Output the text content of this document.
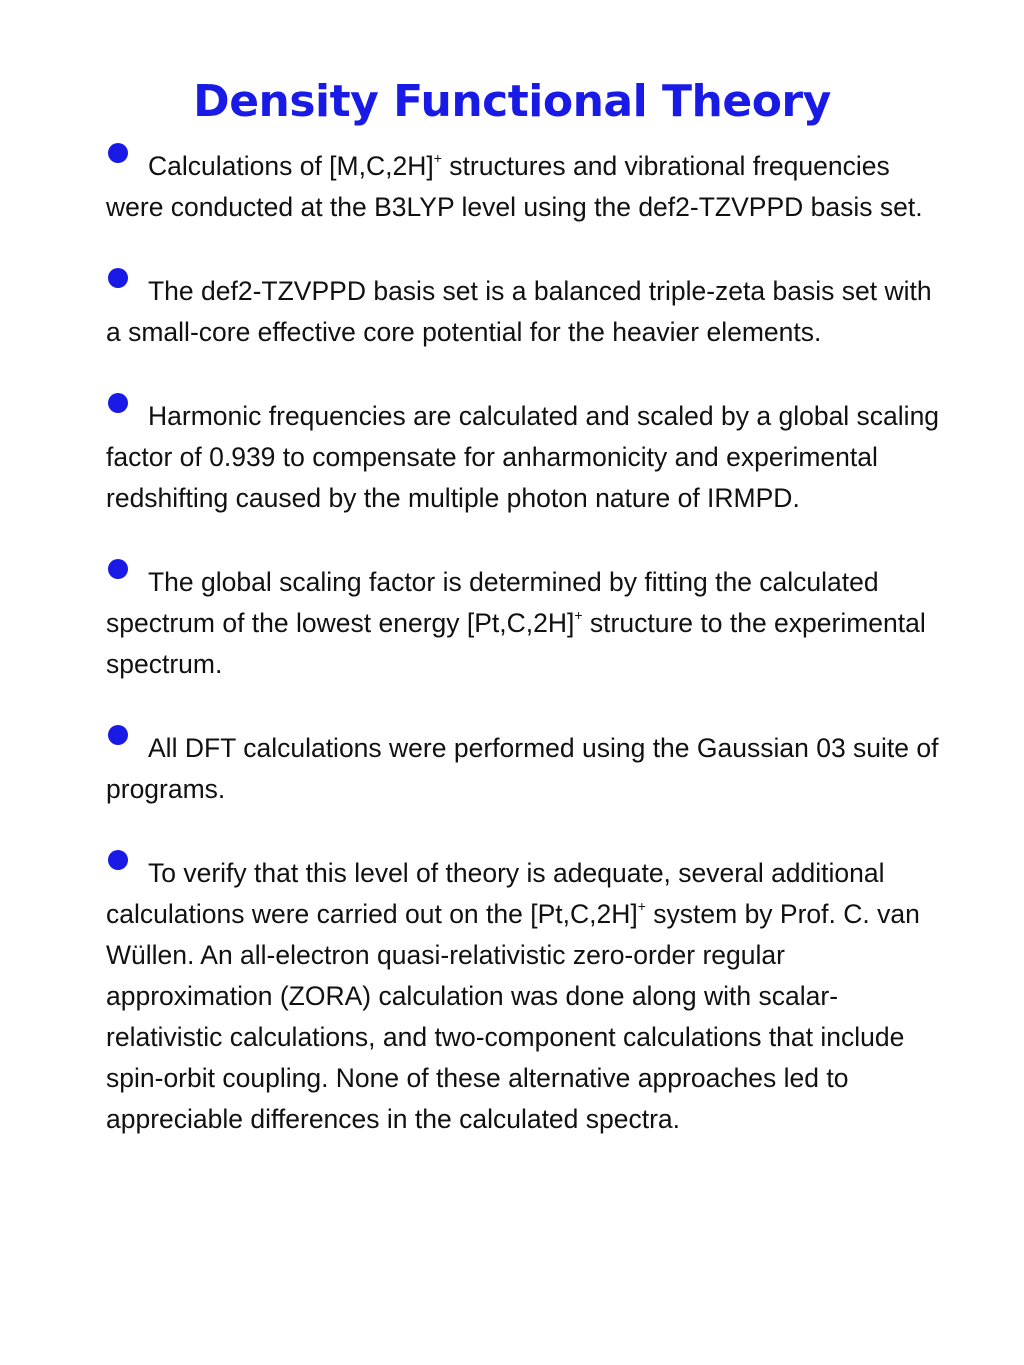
Density Functional Theory
Calculations of [M,C,2H]+ structures and vibrational frequencies were conducted at the B3LYP level using the def2-TZVPPD basis set.
The def2-TZVPPD basis set is a balanced triple-zeta basis set with a small-core effective core potential for the heavier elements.
Harmonic frequencies are calculated and scaled by a global scaling factor of 0.939 to compensate for anharmonicity and experimental redshifting caused by the multiple photon nature of IRMPD.
The global scaling factor is determined by fitting the calculated spectrum of the lowest energy [Pt,C,2H]+ structure to the experimental spectrum.
All DFT calculations were performed using the Gaussian 03 suite of programs.
To verify that this level of theory is adequate, several additional calculations were carried out on the [Pt,C,2H]+ system by Prof. C. van Wüllen. An all-electron quasi-relativistic zero-order regular approximation (ZORA) calculation was done along with scalar-relativistic calculations, and two-component calculations that include spin-orbit coupling. None of these alternative approaches led to appreciable differences in the calculated spectra.
